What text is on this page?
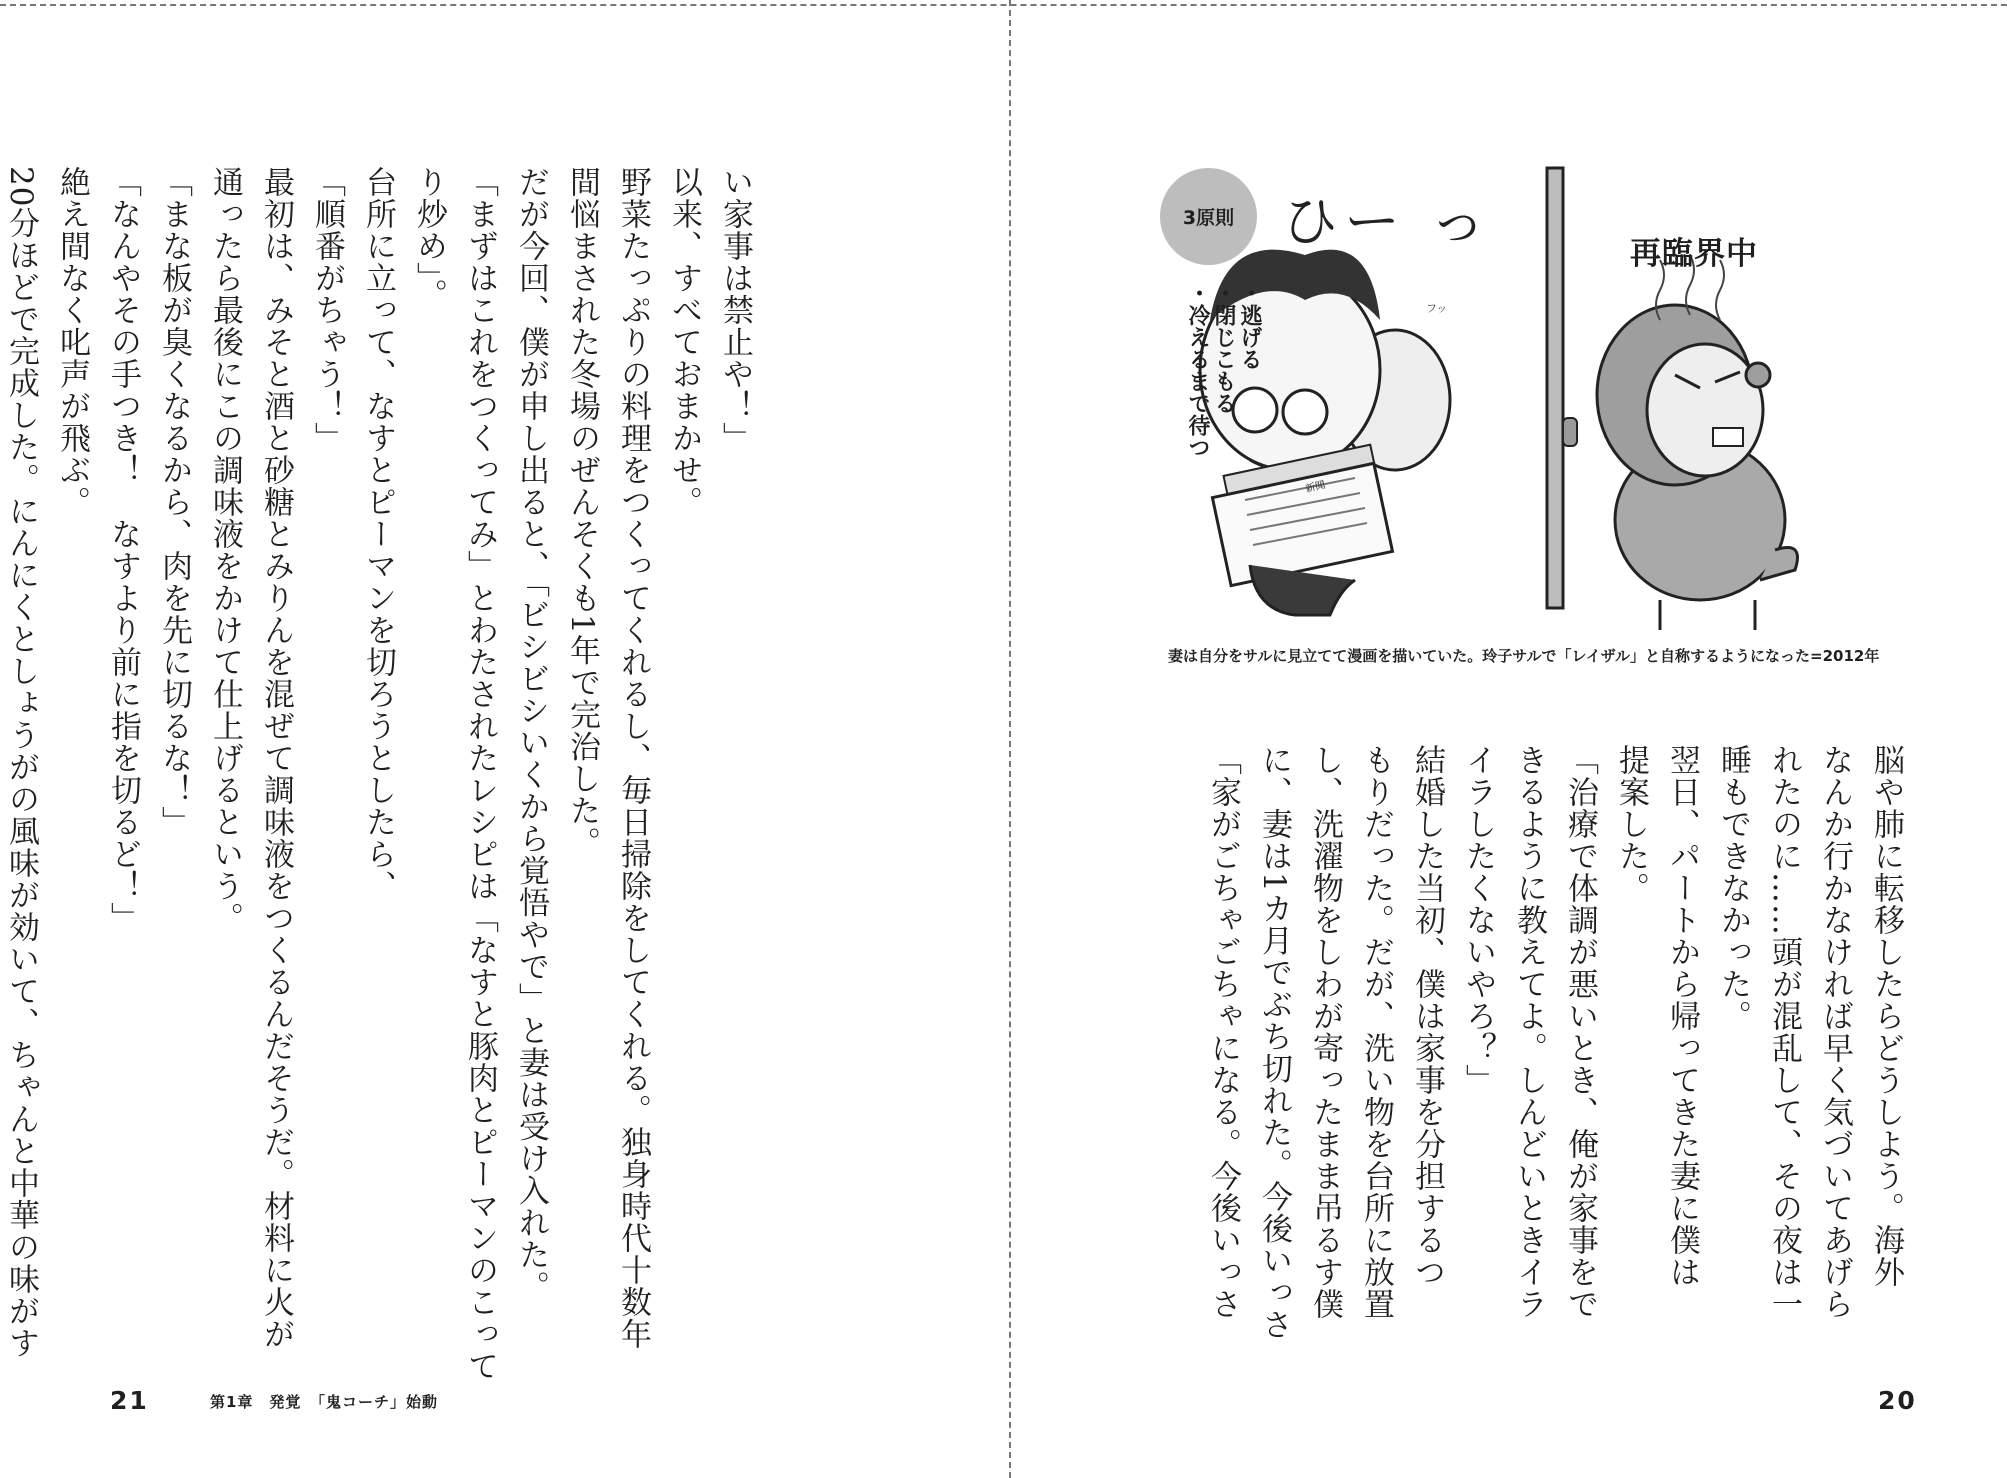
い家事は禁止や！」

以来、すべておまかせ。

野菜たっぷりの料理をつくってくれるし、毎日掃除をしてくれる。独身時代十数年

間悩まされた冬場のぜんそくも1年で完治した。

だが今回、僕が申し出ると、「ビシビシいくから覚悟やで」と妻は受け入れた。

「まずはこれをつくってみ」とわたされたレシピは「なすと豚肉とピーマンのこって

り炒め」。

台所に立って、なすとピーマンを切ろうとしたら、

「順番がちゃう！」

最初は、みそと酒と砂糖とみりんを混ぜて調味液をつくるんだそうだ。材料に火が

通ったら最後にこの調味液をかけて仕上げるという。

「まな板が臭くなるから、肉を先に切るな！」

「なんやその手つき！　なすより前に指を切るど！」

絶え間なく叱声が飛ぶ。

20分ほどで完成した。にんにくとしょうがの風味が効いて、ちゃんと中華の味がす

21	第1章　発覚　「鬼コーチ」始動
3原則
・逃げる
・閉じこもる
・冷えるまで待つ
ひー っ
フッ
再臨界中
新聞
妻は自分をサルに見立てて漫画を描いていた。玲子サルで「レイザル」と自称するようになった=2012年

脳や肺に転移したらどうしよう。海外

なんか行かなければ早く気づいてあげら

れたのに……頭が混乱して、その夜は一

睡もできなかった。

翌日、パートから帰ってきた妻に僕は

提案した。

「治療で体調が悪いとき、俺が家事をで

きるように教えてよ。しんどいときイラ

イラしたくないやろ？」

結婚した当初、僕は家事を分担するつ

もりだった。だが、洗い物を台所に放置

し、洗濯物をしわが寄ったまま吊るす僕

に、妻は1カ月でぶち切れた。今後いっさ

「家がごちゃごちゃになる。今後いっさ

20
